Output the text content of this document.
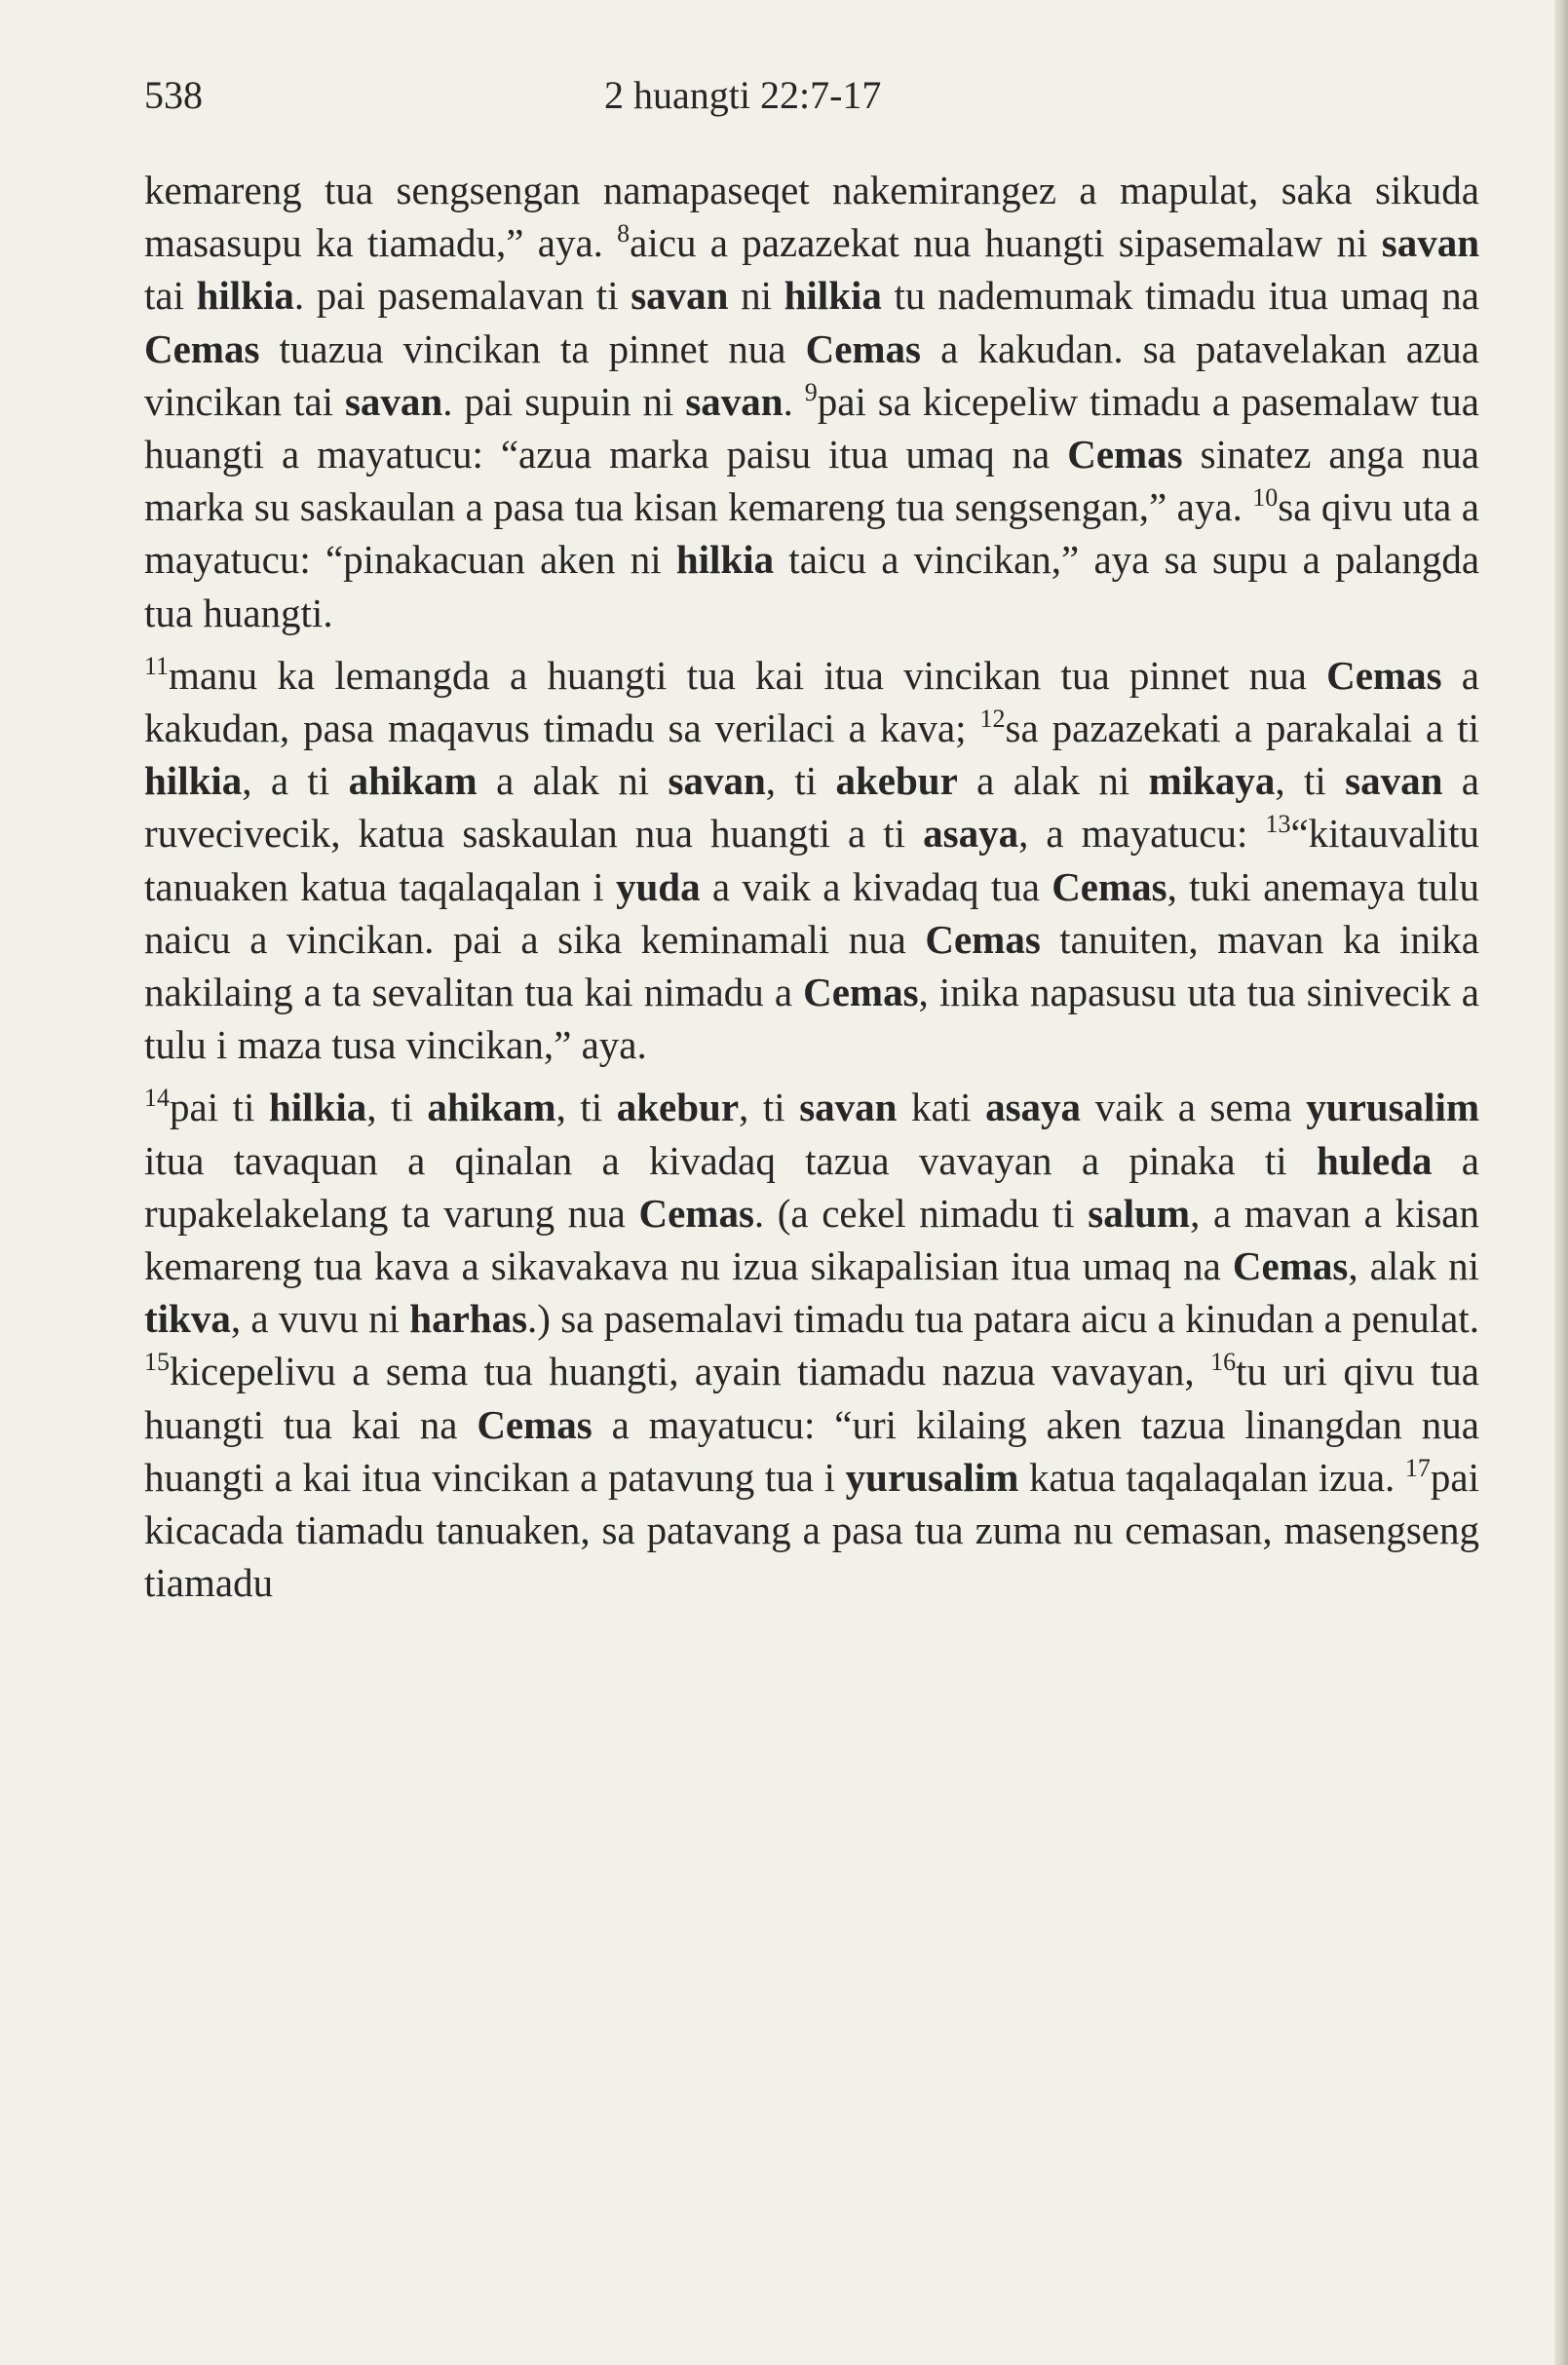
538	2 huangti 22:7-17

kemareng tua sengsengan namapaseqet nakemirangez a mapulat, saka sikuda masasupu ka tiamadu,” aya. $^8$aicu a pazazekat nua huangti sipasemalaw ni savan tai hilkia. pai pasemalavan ti savan ni hilkia tu nademumak timadu itua umaq na Cemas tuazua vincikan ta pinnet nua Cemas a kakudan. sa patavelakan azua vincikan tai savan. pai supuin ni savan. $^9$pai sa kicepeliw timadu a pasemalaw tua huangti a mayatucu: “azua marka paisu itua umaq na Cemas sinatez anga nua marka su saskaulan a pasa tua kisan kemareng tua sengsengan,” aya. $^{10}$sa qivu uta a mayatucu: “pinakacuan aken ni hilkia taicu a vincikan,” aya sa supu a palangda tua huangti.

$^{11}$manu ka lemangda a huangti tua kai itua vincikan tua pinnet nua Cemas a kakudan, pasa maqavus timadu sa verilaci a kava; $^{12}$sa pazazekati a parakalai a ti hilkia, a ti ahikam a alak ni savan, ti akebur a alak ni mikaya, ti savan a ruvecivecik, katua saskaulan nua huangti a ti asaya, a mayatucu: $^{13}$“kitauvalitu tanuaken katua taqalaqalan i yuda a vaik a kivadaq tua Cemas, tuki anemaya tulu naicu a vincikan. pai a sika keminamali nua Cemas tanuiten, mavan ka inika nakilaing a ta sevalitan tua kai nimadu a Cemas, inika napasusu uta tua sinivecik a tulu i maza tusa vincikan,” aya.

$^{14}$pai ti hilkia, ti ahikam, ti akebur, ti savan kati asaya vaik a sema yurusalim itua tavaquan a qinalan a kivadaq tazua vavayan a pinaka ti huleda a rupakelakelang ta varung nua Cemas. (a cekel nimadu ti salum, a mavan a kisan kemareng tua kava a sikavakava nu izua sikapalisian itua umaq na Cemas, alak ni tikva, a vuvu ni harhas.) sa pasemalavi timadu tua patara aicu a kinudan a penulat. $^{15}$kicepelivu a sema tua huangti, ayain tiamadu nazua vavayan, $^{16}$tu uri qivu tua huangti tua kai na Cemas a mayatucu: “uri kilaing aken tazua linangdan nua huangti a kai itua vincikan a patavung tua i yurusalim katua taqalaqalan izua. $^{17}$pai kicacada tiamadu tanuaken, sa patavang a pasa tua zuma nu cemasan, masengseng tiamadu
